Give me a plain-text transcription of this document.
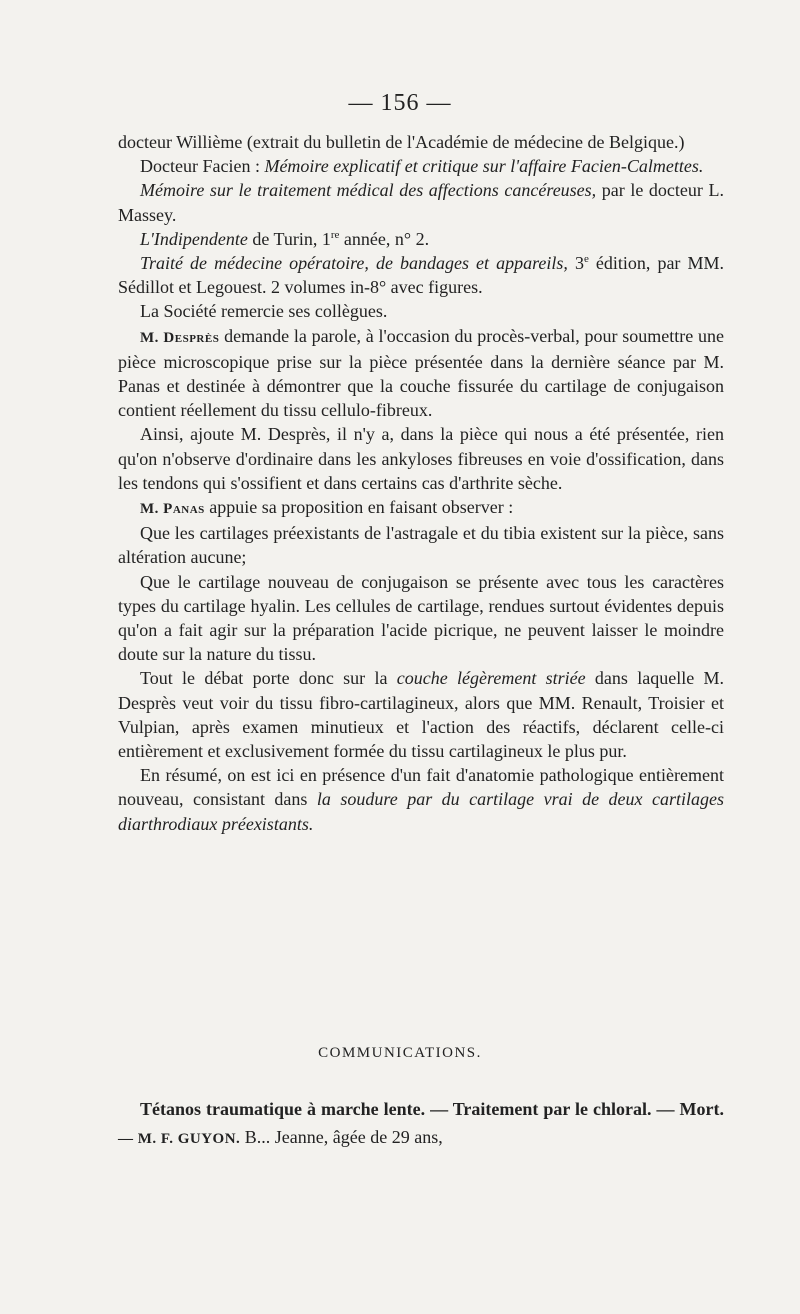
— 156 —

docteur Willième (extrait du bulletin de l'Académie de médecine de Belgique.)

Docteur Facien : Mémoire explicatif et critique sur l'affaire Facien-Calmettes.

Mémoire sur le traitement médical des affections cancéreuses, par le docteur L. Massey.

L'Indipendente de Turin, 1re année, n° 2.

Traité de médecine opératoire, de bandages et appareils, 3e édition, par MM. Sédillot et Legouest. 2 volumes in-8° avec figures.

La Société remercie ses collègues.

M. Desprès demande la parole, à l'occasion du procès-verbal, pour soumettre une pièce microscopique prise sur la pièce présentée dans la dernière séance par M. Panas et destinée à démontrer que la couche fissurée du cartilage de conjugaison contient réellement du tissu cellulo-fibreux.

Ainsi, ajoute M. Desprès, il n'y a, dans la pièce qui nous a été présentée, rien qu'on n'observe d'ordinaire dans les ankyloses fibreuses en voie d'ossification, dans les tendons qui s'ossifient et dans certains cas d'arthrite sèche.

M. Panas appuie sa proposition en faisant observer :

Que les cartilages préexistants de l'astragale et du tibia existent sur la pièce, sans altération aucune;

Que le cartilage nouveau de conjugaison se présente avec tous les caractères types du cartilage hyalin. Les cellules de cartilage, rendues surtout évidentes depuis qu'on a fait agir sur la préparation l'acide picrique, ne peuvent laisser le moindre doute sur la nature du tissu.

Tout le débat porte donc sur la couche légèrement striée dans laquelle M. Desprès veut voir du tissu fibro-cartilagineux, alors que MM. Renault, Troisier et Vulpian, après examen minutieux et l'action des réactifs, déclarent celle-ci entièrement et exclusivement formée du tissu cartilagineux le plus pur.

En résumé, on est ici en présence d'un fait d'anatomie pathologique entièrement nouveau, consistant dans la soudure par du cartilage vrai de deux cartilages diarthrodiaux préexistants.

COMMUNICATIONS.

Tétanos traumatique à marche lente. — Traitement par le chloral. — Mort. — M. F. GUYON. B... Jeanne, âgée de 29 ans,
